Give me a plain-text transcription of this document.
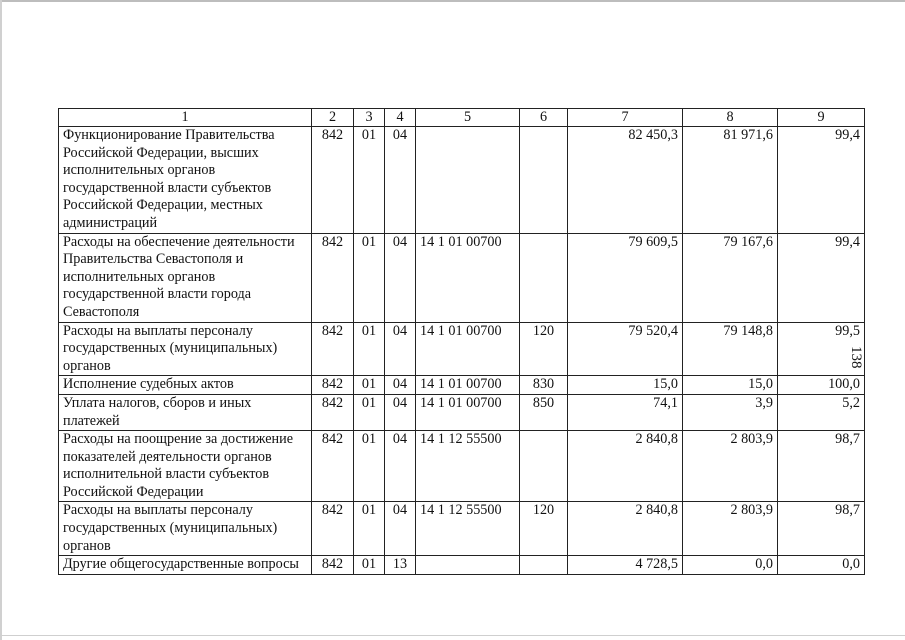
138
1	2	3	4	5	6	7	8	9
Функционирование Правительства Российской Федерации, высших исполнительных органов государственной власти субъектов Российской Федерации, местных администраций	842	01	04			82 450,3	81 971,6	99,4
Расходы на обеспечение деятельности Правительства Севастополя и исполнительных органов государственной власти города Севастополя	842	01	04	14 1 01 00700		79 609,5	79 167,6	99,4
Расходы на выплаты персоналу государственных (муниципальных) органов	842	01	04	14 1 01 00700	120	79 520,4	79 148,8	99,5
Исполнение судебных актов	842	01	04	14 1 01 00700	830	15,0	15,0	100,0
Уплата налогов, сборов и иных платежей	842	01	04	14 1 01 00700	850	74,1	3,9	5,2
Расходы на поощрение за достижение показателей деятельности органов исполнительной власти субъектов Российской Федерации	842	01	04	14 1 12 55500		2 840,8	2 803,9	98,7
Расходы на выплаты персоналу государственных (муниципальных) органов	842	01	04	14 1 12 55500	120	2 840,8	2 803,9	98,7
Другие общегосударственные вопросы	842	01	13			4 728,5	0,0	0,0
